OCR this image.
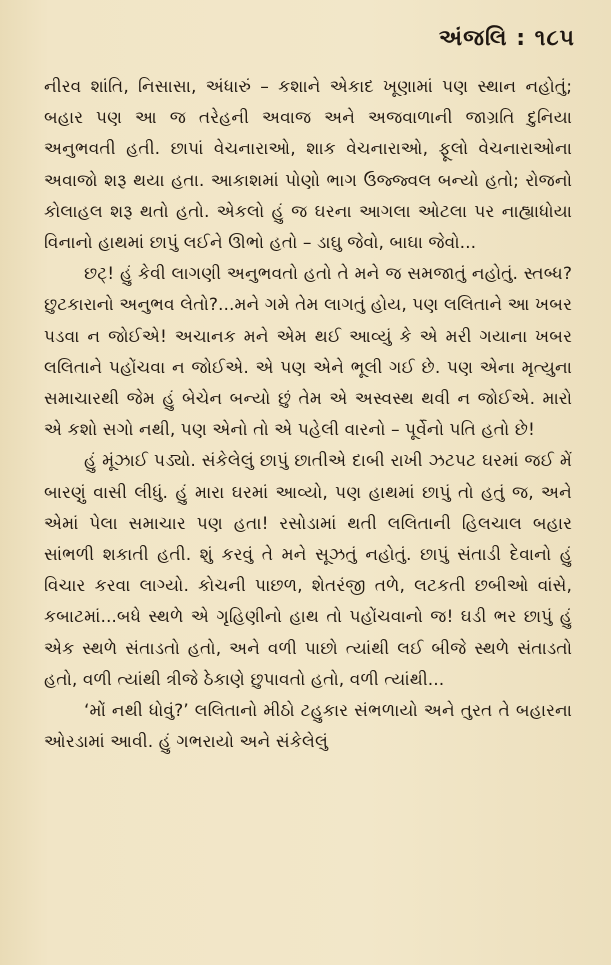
અંજલિ : ૧૮૫

નીરવ શાંતિ, નિસાસા, અંધારું – કશાને એકાદ ખૂણામાં પણ સ્થાન નહોતું; બહાર પણ આ જ તરેહની અવાજ અને અજવાળાની જાગ્રતિ દુનિયા અનુભવતી હતી. છાપાં વેચનારાઓ, શાક વેચનારાઓ, ફૂલો વેચનારાઓના અવાજો શરૂ થયા હતા. આકાશમાં પોણો ભાગ ઉજ્જ્વલ બન્યો હતો; રોજનો કોલાહલ શરૂ થતો હતો. એકલો હું જ ઘરના આગલા ઓટલા પર નાહ્યાધોયા વિનાનો હાથમાં છાપું લઈને ઊભો હતો – ડાઘુ જેવો, બાઘા જેવો...

છટ્‌! હું કેવી લાગણી અનુભવતો હતો તે મને જ સમજાતું નહોતું. સ્તબ્ધ? છુટકારાનો અનુભવ લેતો?...મને ગમે તેમ લાગતું હોય, પણ લલિતાને આ ખબર પડવા ન જોઈએ! અચાનક મને એમ થઈ આવ્યું કે એ મરી ગયાના ખબર લલિતાને પહોંચવા ન જોઈએ. એ પણ એને ભૂલી ગઈ છે. પણ એના મૃત્યુના સમાચારથી જેમ હું બેચેન બન્યો છું તેમ એ અસ્વસ્થ થવી ન જોઈએ. મારો એ કશો સગો નથી, પણ એનો તો એ પહેલી વારનો – પૂર્વેનો પતિ હતો છે!

હું મૂંઝાઈ પડ્યો. સંકેલેલું છાપું છાતીએ દાબી રાખી ઝટપટ ઘરમાં જઈ મેં બારણું વાસી લીધું. હું મારા ઘરમાં આવ્યો, પણ હાથમાં છાપું તો હતું જ, અને એમાં પેલા સમાચાર પણ હતા! રસોડામાં થતી લલિતાની હિલચાલ બહાર સાંભળી શકાતી હતી. શું કરવું તે મને સૂઝતું નહોતું. છાપું સંતાડી દેવાનો હું વિચાર કરવા લાગ્યો. કોચની પાછળ, શેતરંજી તળે, લટકતી છબીઓ વાંસે, કબાટમાં...બધે સ્થળે એ ગૃહિણીનો હાથ તો પહોંચવાનો જ! ઘડી ભર છાપું હું એક સ્થળે સંતાડતો હતો, અને વળી પાછો ત્યાંથી લઈ બીજે સ્થળે સંતાડતો હતો, વળી ત્યાંથી ત્રીજે ઠેકાણે છુપાવતો હતો, વળી ત્યાંથી...

‘મોં નથી ધોવું?’ લલિતાનો મીઠો ટહુકાર સંભળાયો અને તુરત તે બહારના ઓરડામાં આવી. હું ગભરાયો અને સંકેલેલું
